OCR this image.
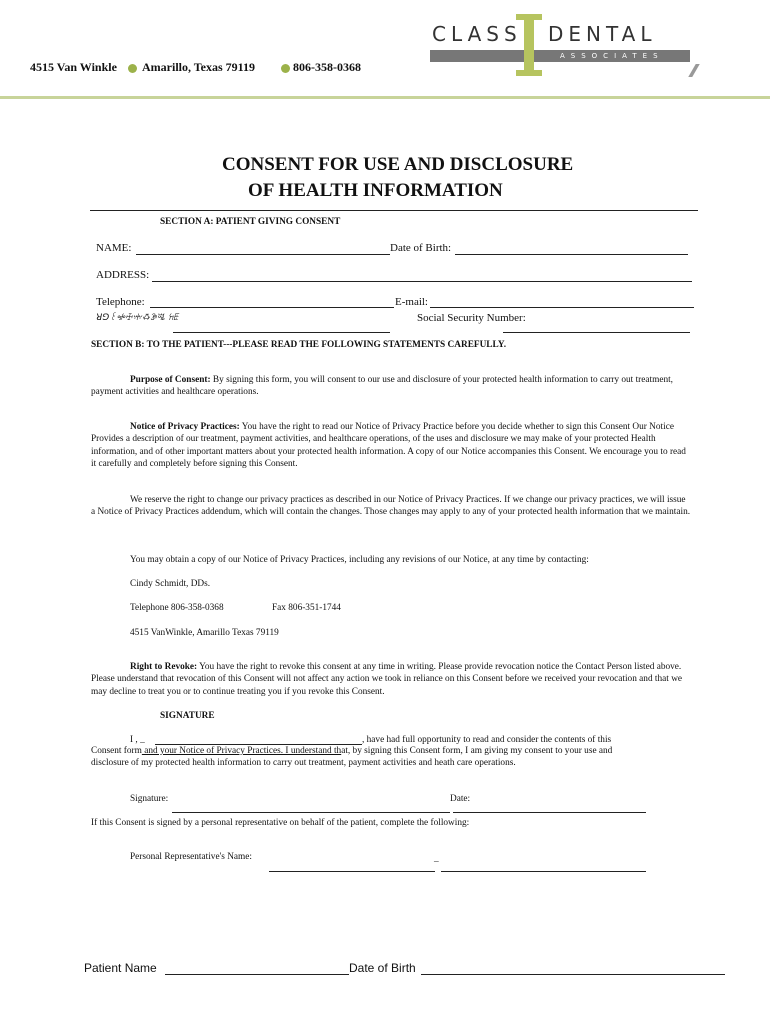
4515 Van Winkle Amarillo, Texas 79119	806-358-0368
CLASS DENTAL
ASSOCIATES
CONSENT FOR USE AND DISCLOSURE
OF HEALTH INFORMATION
SECTION A: PATIENT GIVING CONSENT
NAME:	Date of Birth:
ADDRESS:
Telephone:	E-mail:
ꓤꓨ꒰ꖣꖅꗼꗇꘁꗆ ꖷꗍ	Social Security Number:
SECTION B: TO THE PATIENT---PLEASE READ THE FOLLOWING STATEMENTS CAREFULLY.
Purpose of Consent: By signing this form, you will consent to our use and disclosure of your protected health information to carry out treatment, payment activities and healthcare operations.
Notice of Privacy Practices: You have the right to read our Notice of Privacy Practice before you decide whether to sign this Consent Our Notice Provides a description of our treatment, payment activities, and healthcare operations, of the uses and disclosure we may make of your protected Health information, and of other important matters about your protected health information. A copy of our Notice accompanies this Consent. We encourage you to read it carefully and completely before signing this Consent.
We reserve the right to change our privacy practices as described in our Notice of Privacy Practices. If we change our privacy practices, we will issue a Notice of Privacy Practices addendum, which will contain the changes. Those changes may apply to any of your protected health information that we maintain.
You may obtain a copy of our Notice of Privacy Practices, including any revisions of our Notice, at any time by contacting:
Cindy Schmidt, DDs.
Telephone 806-358-0368	Fax 806-351-1744
4515 VanWinkle, Amarillo Texas 79119
Right to Revoke: You have the right to revoke this consent at any time in writing. Please provide revocation notice the Contact Person listed above. Please understand that revocation of this Consent will not affect any action we took in reliance on this Consent before we received your revocation and that we may decline to treat you or to continue treating you if you revoke this Consent.
SIGNATURE
I , _	, have had full opportunity to read and consider the contents of this
Consent form and your Notice of Privacy Practices. I understand that, by signing this Consent form, I am giving my consent to your use and
disclosure of my protected health information to carry out treatment, payment activities and heath care operations.
Signature:	Date:
If this Consent is signed by a personal representative on behalf of the patient, complete the following:
Personal Representative's Name:	_
Patient Name	Date of Birth
